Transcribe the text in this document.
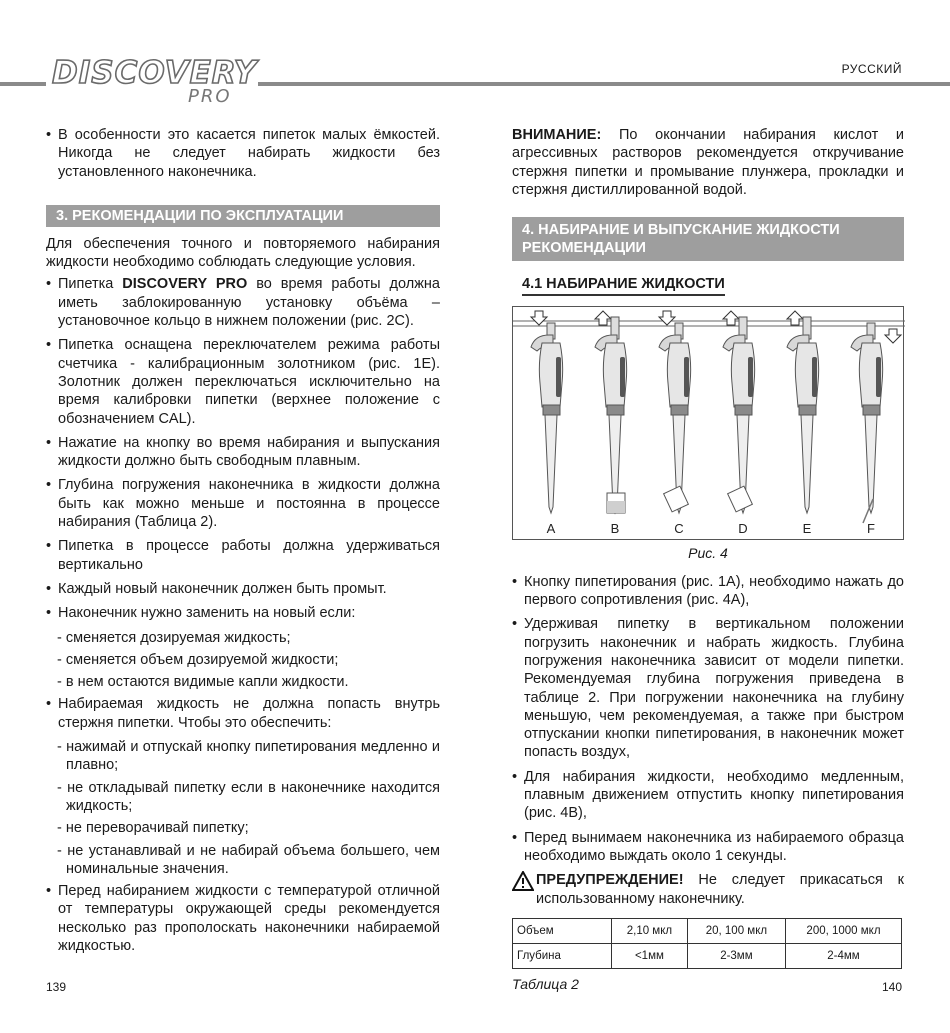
DISCOVERY
PRO
РУССКИЙ

• В особенности это касается пипеток малых ёмкостей. Никогда не следует набирать жидкости без установленного наконечника.

3. РЕКОМЕНДАЦИИ ПО ЭКСПЛУАТАЦИИ

Для обеспечения точного и повторяемого набирания жидкости необходимо соблюдать следующие условия.

• Пипетка DISCOVERY PRO во время работы должна иметь заблокированную установку объёма – установочное кольцо в нижнем положении (рис. 2C).

• Пипетка оснащена переключателем режима работы счетчика - калибрационным золотником (рис. 1E). Золотник должен переключаться исключительно на время калибровки пипетки (верхнее положение с обозначением CAL).

• Нажатие на кнопку во время набирания и выпускания жидкости должно быть свободным плавным.

• Глубина погружения наконечника в жидкости должна быть как можно меньше и постоянна в процессе набирания (Таблица 2).

• Пипетка в процессе работы должна удерживаться вертикально

• Каждый новый наконечник должен быть промыт.

• Наконечник нужно заменить на новый если:

- сменяется дозируемая жидкость;

- сменяется объем дозируемой жидкости;

- в нем остаются видимые капли жидкости.

• Набираемая жидкость не должна попасть внутрь стержня пипетки. Чтобы это обеспечить:

- нажимай и отпускай кнопку пипетирования медленно и плавно;

- не откладывай пипетку если в наконечнике находится жидкость;

- не переворачивай пипетку;

- не устанавливай и не набирай объема большего, чем номинальные значения.

• Перед набиранием жидкости с температурой отличной от температуры окружающей среды рекомендуется несколько раз прополоскать наконечники набираемой жидкостью.

ВНИМАНИЕ: По окончании набирания кислот и агрессивных растворов рекомендуется откручивание стержня пипетки и промывание плунжера, прокладки и стержня дистиллированной водой.

4. НАБИРАНИЕ И ВЫПУСКАНИЕ ЖИДКОСТИ РЕКОМЕНДАЦИИ
4.1 НАБИРАНИЕ ЖИДКОСТИ
A	B	C	D	E	F
Рис. 4

• Кнопку пипетирования (рис. 1A), необходимо нажать до первого сопротивления (рис. 4A),

• Удерживая пипетку в вертикальном положении погрузить наконечник и набрать жидкость. Глубина погружения наконечника зависит от модели пипетки. Рекомендуемая глубина погружения приведена в таблице 2. При погружении наконечника на глубину меньшую, чем рекомендуемая, а также при быстром отпускании кнопки пипетирования, в наконечник может попасть воздух,

• Для набирания жидкости, необходимо медленным, плавным движением отпустить кнопку пипетирования (рис. 4B),

• Перед вынимаем наконечника из набираемого образца необходимо выждать около 1 секунды.

ПРЕДУПРЕЖДЕНИЕ! Не следует прикасаться к использованному наконечнику.

Объем	2,10 мкл	20, 100 мкл	200, 1000 мкл
Глубина	<1мм	2-3мм	2-4мм
Таблица 2
139	140
